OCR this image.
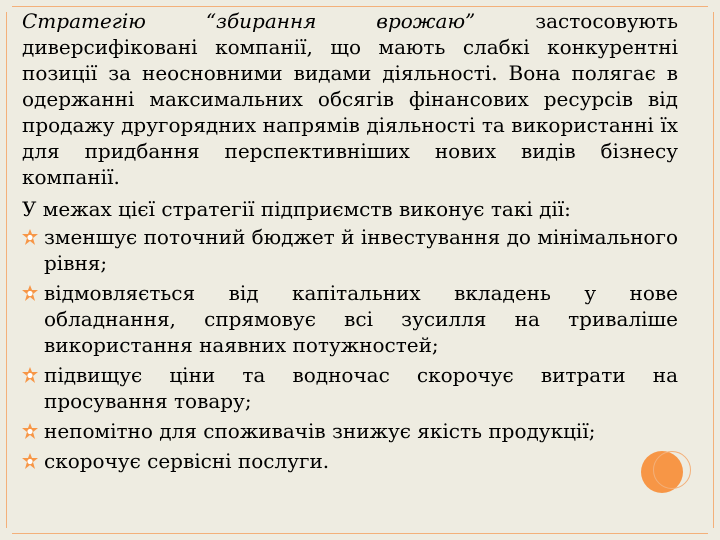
Стратегію “збирання врожаю” застосовують диверсифіковані компанії, що мають слабкі конкурентні позиції за неосновними видами діяльності. Вона полягає в одержанні максимальних обсягів фінансових ресурсів від продажу другорядних напрямів діяльності та використанні їх для придбання перспективніших нових видів бізнесу компанії.

У межах цієї стратегії підприємств виконує такі дії:

зменшує поточний бюджет й інвестування до мінімального рівня;
відмовляється від капітальних вкладень у нове обладнання, спрямовує всі зусилля на триваліше використання наявних потужностей;
підвищує ціни та водночас скорочує витрати на просування товару;
непомітно для споживачів знижує якість продукції;
скорочує сервісні послуги.
